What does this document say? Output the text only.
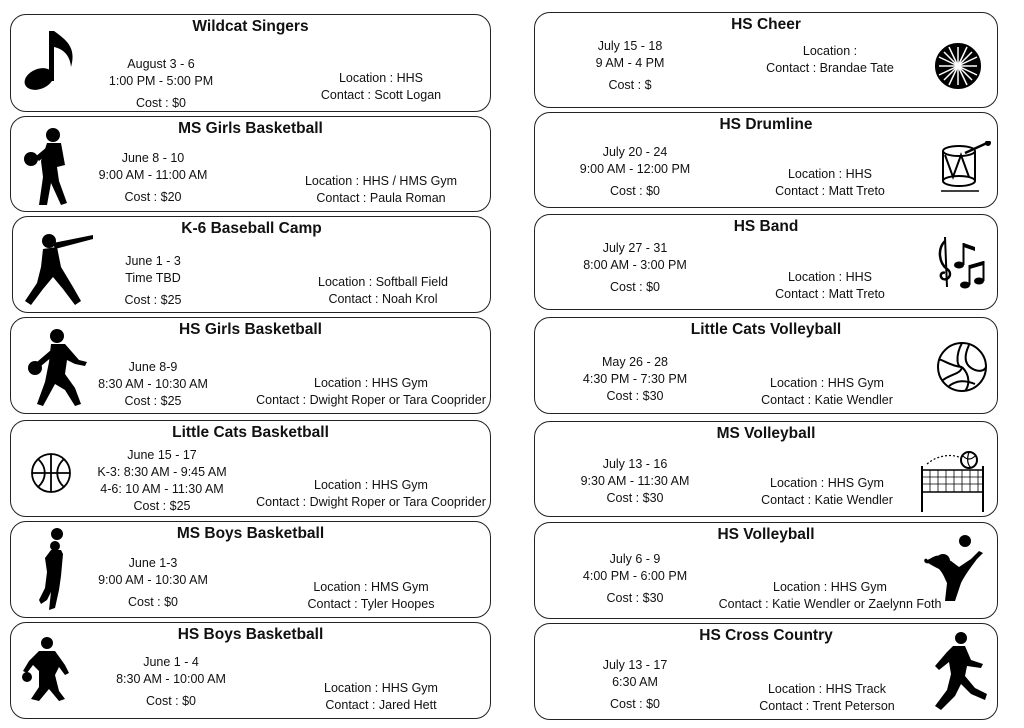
Wildcat Singers
August 3 - 6
1:00 PM - 5:00 PM
Cost : $0
Location : HHS
Contact : Scott Logan
MS Girls Basketball
June 8 - 10
9:00 AM - 11:00 AM
Cost : $20
Location : HHS / HMS Gym
Contact : Paula Roman
K-6 Baseball Camp
June 1 - 3
Time TBD
Cost : $25
Location : Softball Field
Contact : Noah Krol
HS Girls Basketball
June 8-9
8:30 AM - 10:30 AM
Cost : $25
Location : HHS Gym
Contact : Dwight Roper or Tara Cooprider
Little Cats Basketball
June 15 - 17
K-3: 8:30 AM - 9:45 AM
4-6: 10 AM - 11:30 AM
Cost : $25
Location : HHS Gym
Contact : Dwight Roper or Tara Cooprider
MS Boys Basketball
June 1-3
9:00 AM - 10:30 AM
Cost : $0
Location : HMS Gym
Contact : Tyler Hoopes
HS Boys Basketball
June 1 - 4
8:30 AM - 10:00 AM
Cost : $0
Location : HHS Gym
Contact : Jared Hett
HS Cheer
July 15 - 18
9 AM - 4 PM
Cost : $
Location :
Contact : Brandae Tate
HS Drumline
July 20 - 24
9:00 AM - 12:00 PM
Cost : $0
Location : HHS
Contact : Matt Treto
HS Band
July 27 - 31
8:00 AM - 3:00 PM
Cost : $0
Location : HHS
Contact : Matt Treto
Little Cats Volleyball
May 26 - 28
4:30 PM - 7:30 PM
Cost : $30
Location : HHS Gym
Contact : Katie Wendler
MS Volleyball
July 13 - 16
9:30 AM - 11:30 AM
Cost : $30
Location : HHS Gym
Contact : Katie Wendler
HS Volleyball
July 6 - 9
4:00 PM - 6:00 PM
Cost : $30
Location : HHS Gym
Contact : Katie Wendler or Zaelynn Foth
HS Cross Country
July 13 - 17
6:30 AM
Cost : $0
Location : HHS Track
Contact : Trent Peterson
